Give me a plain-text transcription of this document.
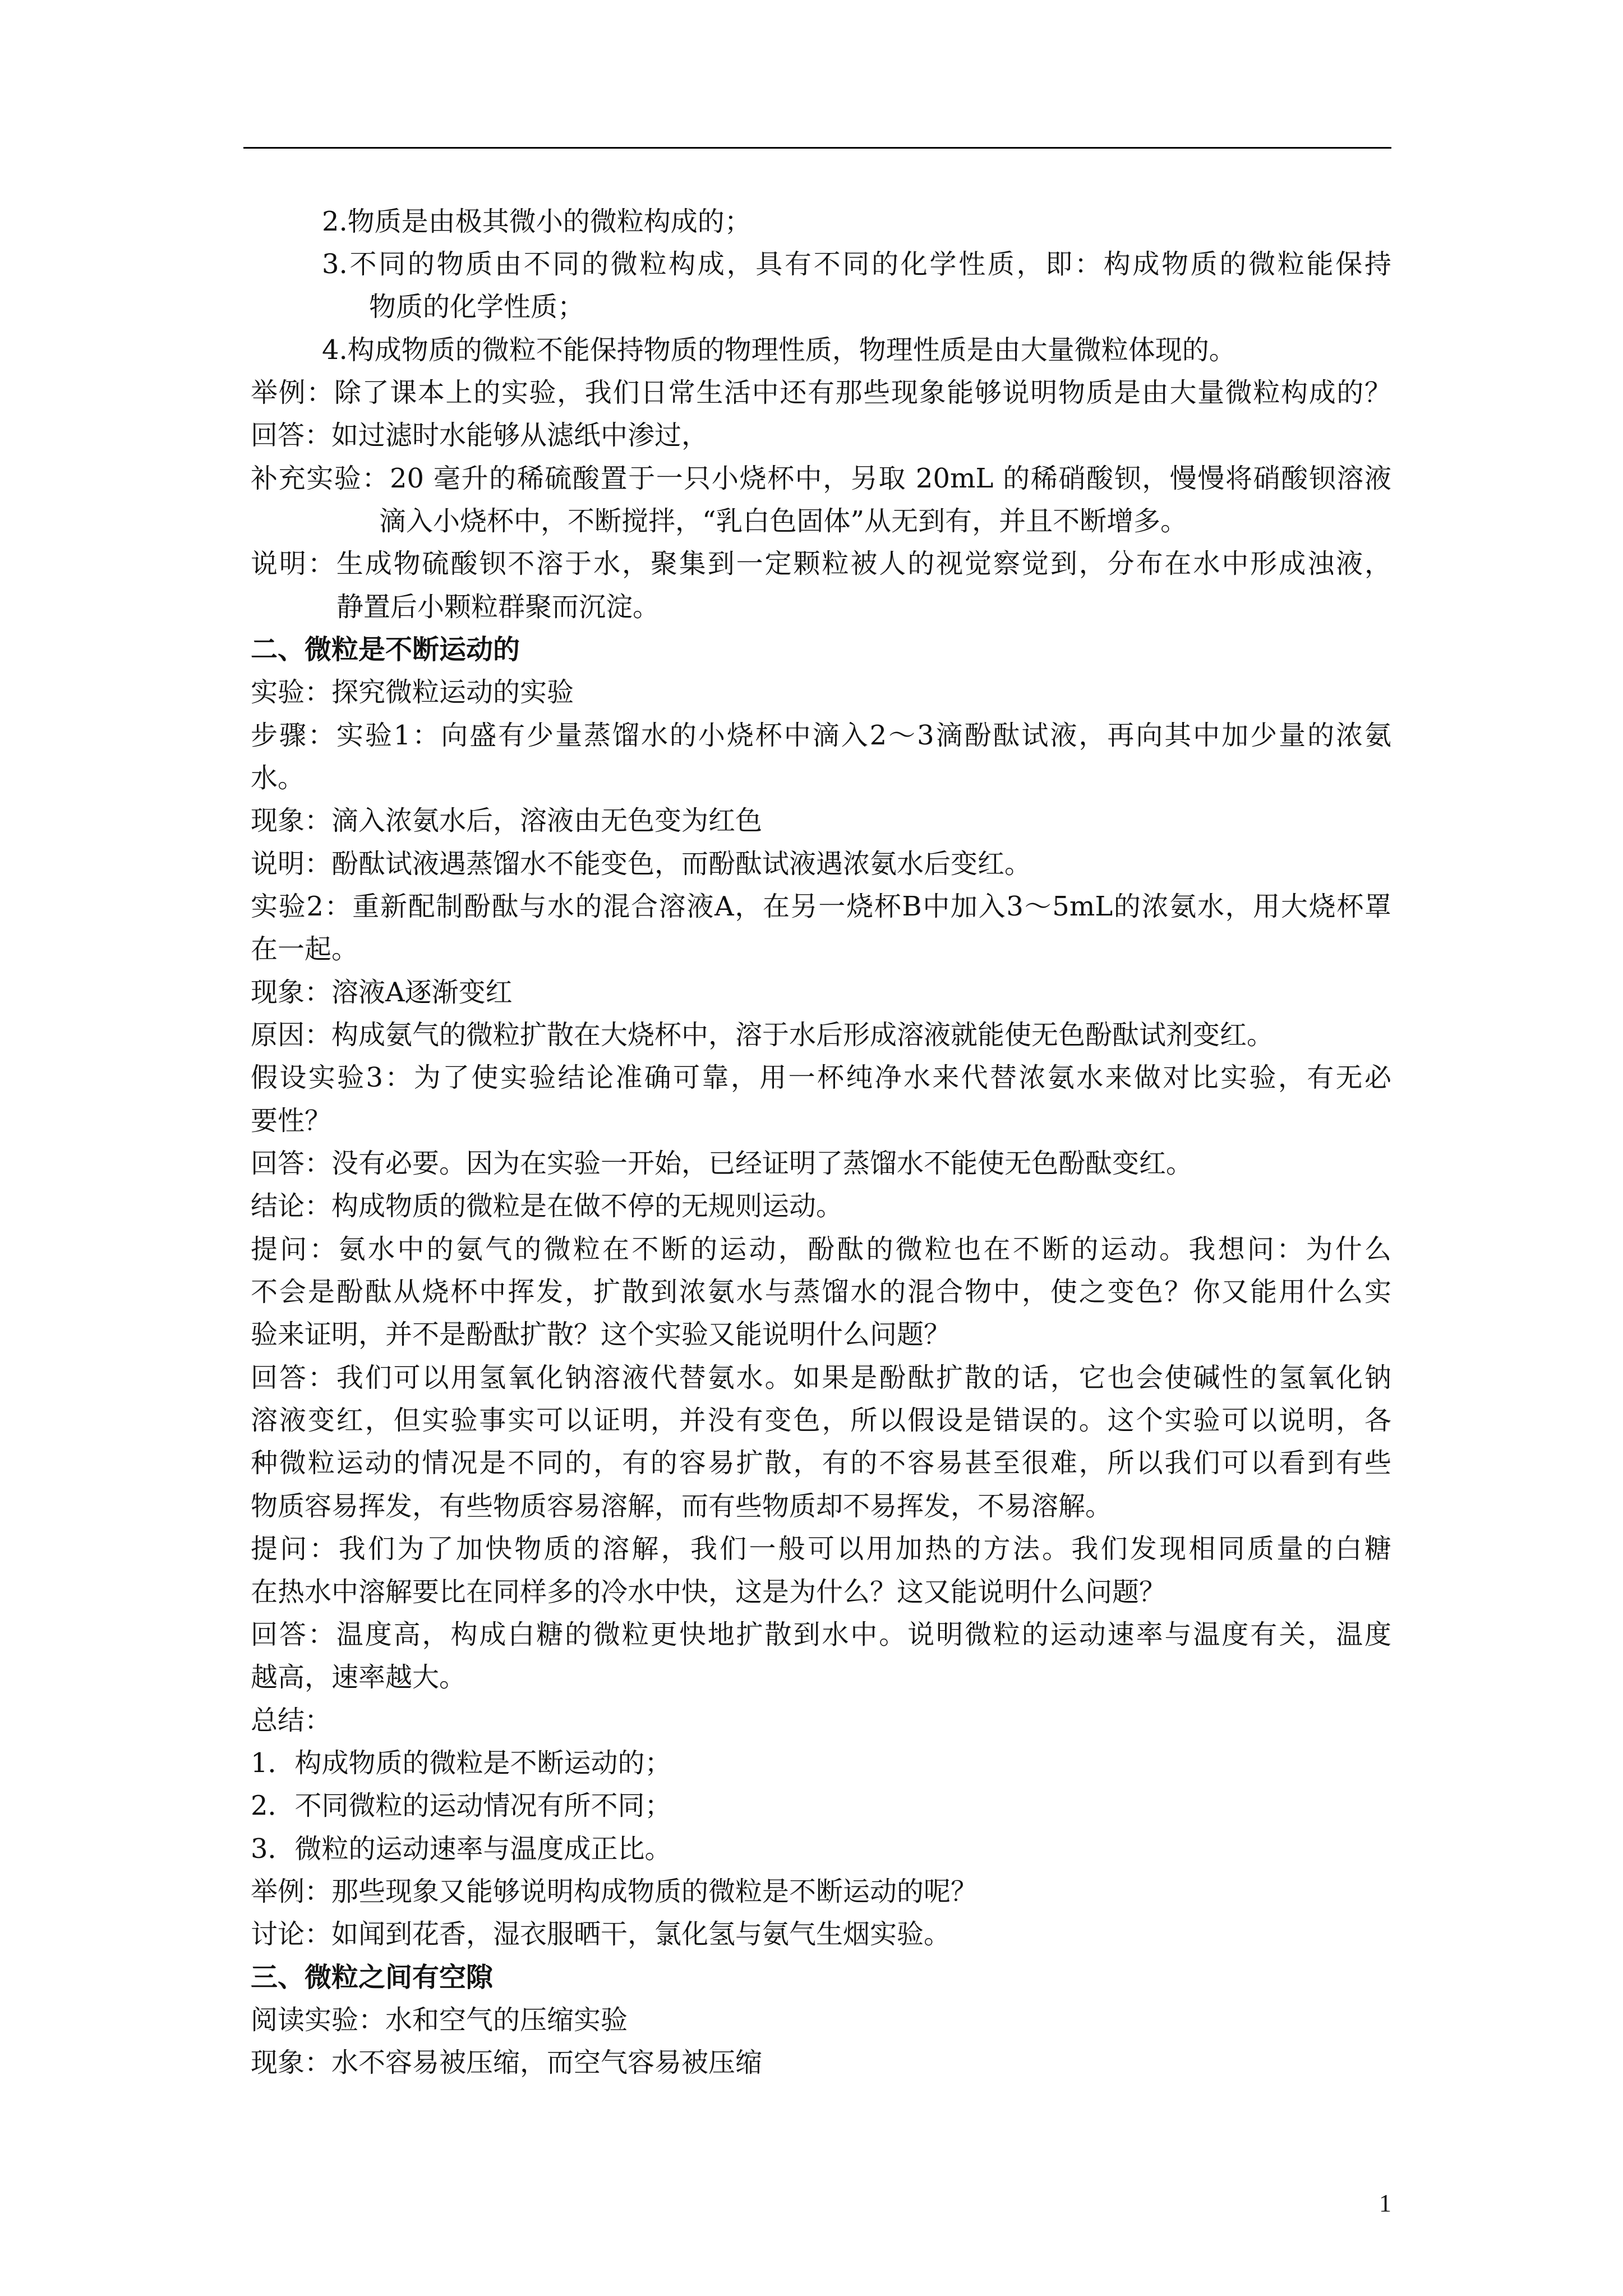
2.物质是由极其微小的微粒构成的；
3.不同的物质由不同的微粒构成，具有不同的化学性质，即：构成物质的微粒能保持
物质的化学性质；
4.构成物质的微粒不能保持物质的物理性质，物理性质是由大量微粒体现的。
举例：除了课本上的实验，我们日常生活中还有那些现象能够说明物质是由大量微粒构成的？
回答：如过滤时水能够从滤纸中渗过，
补充实验：20 毫升的稀硫酸置于一只小烧杯中，另取 20mL 的稀硝酸钡，慢慢将硝酸钡溶液
滴入小烧杯中，不断搅拌，“乳白色固体”从无到有，并且不断增多。
说明：生成物硫酸钡不溶于水，聚集到一定颗粒被人的视觉察觉到，分布在水中形成浊液，
静置后小颗粒群聚而沉淀。
二、微粒是不断运动的
实验：探究微粒运动的实验
步骤：实验1：向盛有少量蒸馏水的小烧杯中滴入2～3滴酚酞试液，再向其中加少量的浓氨
水。
现象：滴入浓氨水后，溶液由无色变为红色
说明：酚酞试液遇蒸馏水不能变色，而酚酞试液遇浓氨水后变红。
实验2：重新配制酚酞与水的混合溶液A，在另一烧杯B中加入3～5mL的浓氨水，用大烧杯罩
在一起。
现象：溶液A逐渐变红
原因：构成氨气的微粒扩散在大烧杯中，溶于水后形成溶液就能使无色酚酞试剂变红。
假设实验3：为了使实验结论准确可靠，用一杯纯净水来代替浓氨水来做对比实验，有无必
要性？
回答：没有必要。因为在实验一开始，已经证明了蒸馏水不能使无色酚酞变红。
结论：构成物质的微粒是在做不停的无规则运动。
提问：氨水中的氨气的微粒在不断的运动，酚酞的微粒也在不断的运动。我想问：为什么
不会是酚酞从烧杯中挥发，扩散到浓氨水与蒸馏水的混合物中，使之变色？你又能用什么实
验来证明，并不是酚酞扩散？这个实验又能说明什么问题？
回答：我们可以用氢氧化钠溶液代替氨水。如果是酚酞扩散的话，它也会使碱性的氢氧化钠
溶液变红，但实验事实可以证明，并没有变色，所以假设是错误的。这个实验可以说明，各
种微粒运动的情况是不同的，有的容易扩散，有的不容易甚至很难，所以我们可以看到有些
物质容易挥发，有些物质容易溶解，而有些物质却不易挥发，不易溶解。
提问：我们为了加快物质的溶解，我们一般可以用加热的方法。我们发现相同质量的白糖
在热水中溶解要比在同样多的冷水中快，这是为什么？这又能说明什么问题？
回答：温度高，构成白糖的微粒更快地扩散到水中。说明微粒的运动速率与温度有关，温度
越高，速率越大。
总结：
1．构成物质的微粒是不断运动的；
2．不同微粒的运动情况有所不同；
3．微粒的运动速率与温度成正比。
举例：那些现象又能够说明构成物质的微粒是不断运动的呢？
讨论：如闻到花香，湿衣服晒干，氯化氢与氨气生烟实验。
三、微粒之间有空隙
阅读实验：水和空气的压缩实验
现象：水不容易被压缩，而空气容易被压缩
1
